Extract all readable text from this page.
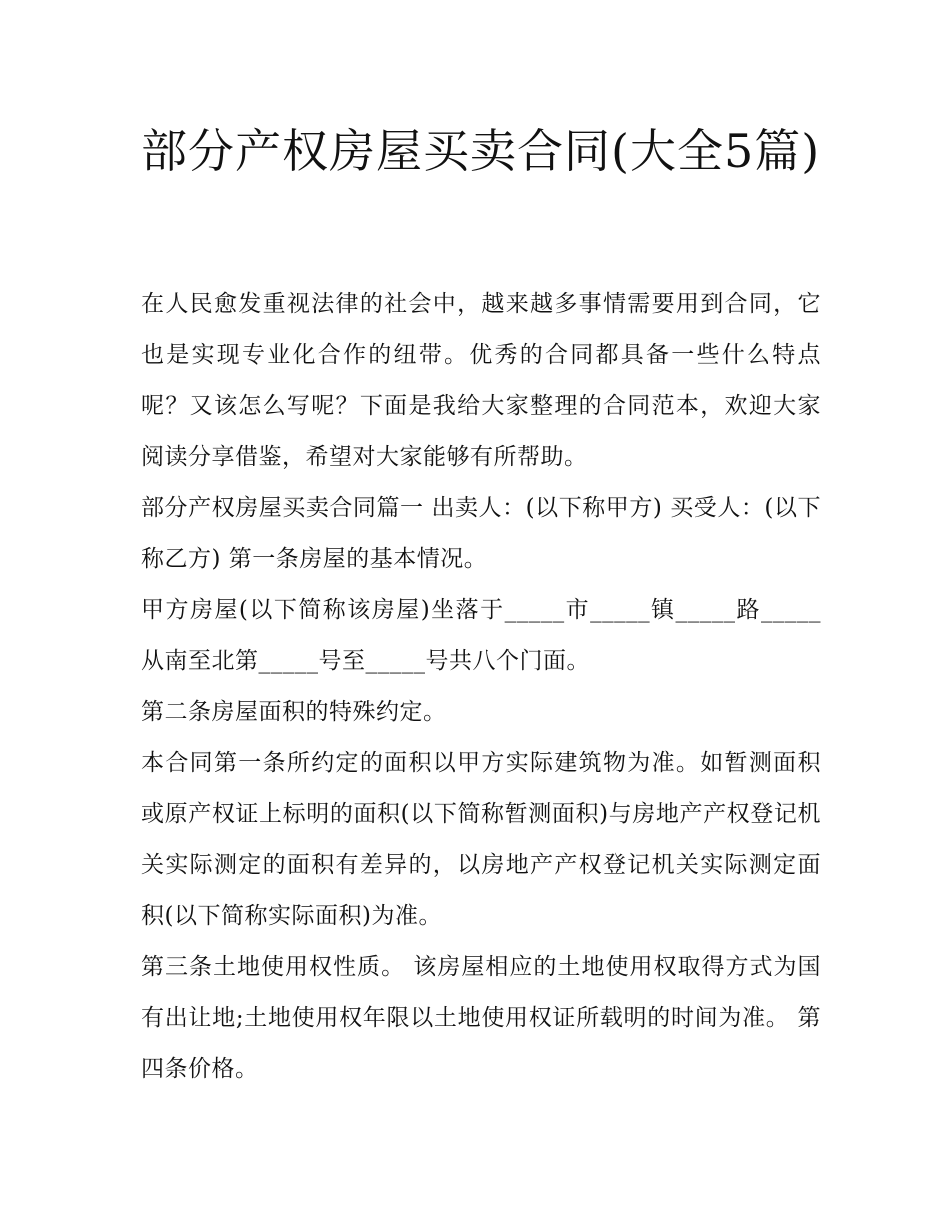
部分产权房屋买卖合同(大全5篇)

在人民愈发重视法律的社会中，越来越多事情需要用到合同，它也是实现专业化合作的纽带。优秀的合同都具备一些什么特点呢？又该怎么写呢？下面是我给大家整理的合同范本，欢迎大家阅读分享借鉴，希望对大家能够有所帮助。

部分产权房屋买卖合同篇一 出卖人：(以下称甲方) 买受人：(以下称乙方) 第一条房屋的基本情况。

甲方房屋(以下简称该房屋)坐落于_____市_____镇_____路_____从南至北第_____号至_____号共八个门面。

第二条房屋面积的特殊约定。

本合同第一条所约定的面积以甲方实际建筑物为准。如暂测面积或原产权证上标明的面积(以下简称暂测面积)与房地产产权登记机关实际测定的面积有差异的，以房地产产权登记机关实际测定面积(以下简称实际面积)为准。

第三条土地使用权性质。 该房屋相应的土地使用权取得方式为国有出让地;土地使用权年限以土地使用权证所载明的时间为准。 第四条价格。
